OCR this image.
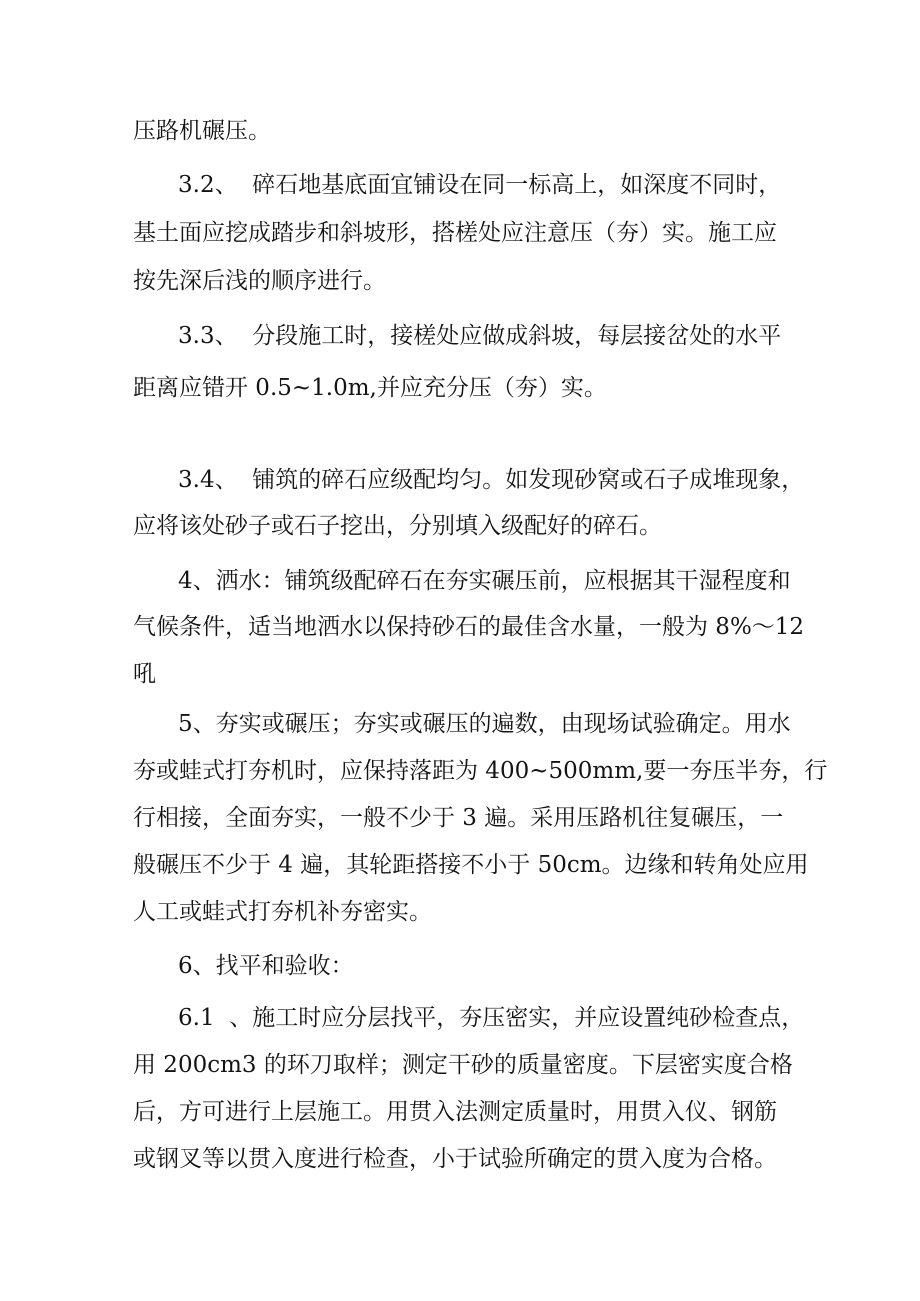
压路机碾压。
3.2、  碎石地基底面宜铺设在同一标高上，如深度不同时，
基土面应挖成踏步和斜坡形，搭槎处应注意压（夯）实。施工应
按先深后浅的顺序进行。
3.3、  分段施工时，接槎处应做成斜坡，每层接岔处的水平
距离应错开 0.5~1.0m,并应充分压（夯）实。
3.4、  铺筑的碎石应级配均匀。如发现砂窝或石子成堆现象，
应将该处砂子或石子挖出，分别填入级配好的碎石。
4、洒水：铺筑级配碎石在夯实碾压前，应根据其干湿程度和
气候条件，适当地洒水以保持砂石的最佳含水量，一般为 8%～12
吼
5、夯实或碾压；夯实或碾压的遍数，由现场试验确定。用水
夯或蛙式打夯机时，应保持落距为 400~500mm,要一夯压半夯，行
行相接，全面夯实，一般不少于 3 遍。采用压路机往复碾压，一
般碾压不少于 4 遍，其轮距搭接不小于 50cm。边缘和转角处应用
人工或蛙式打夯机补夯密实。
6、找平和验收：
6.1  、施工时应分层找平，夯压密实，并应设置纯砂检查点，
用 200cm3 的环刀取样；测定干砂的质量密度。下层密实度合格
后，方可进行上层施工。用贯入法测定质量时，用贯入仪、钢筋
或钢叉等以贯入度进行检查，小于试验所确定的贯入度为合格。
